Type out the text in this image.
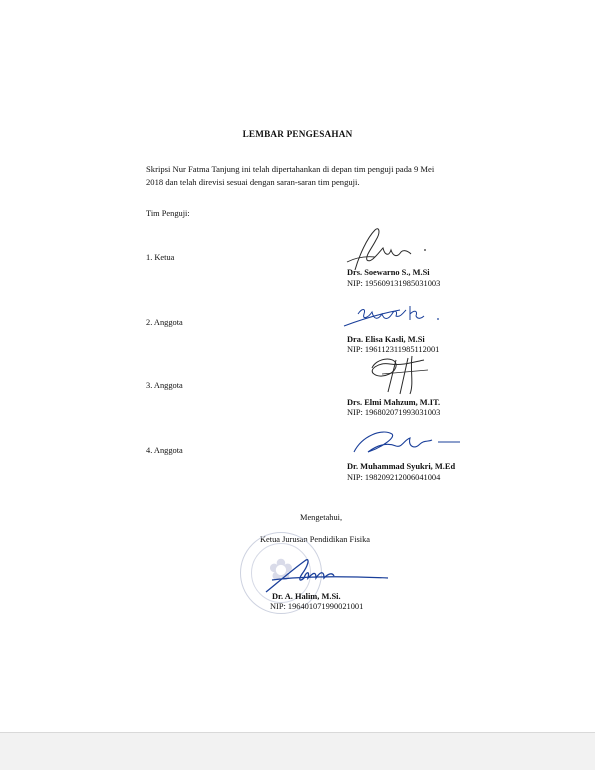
LEMBAR PENGESAHAN
Skripsi Nur Fatma Tanjung ini telah dipertahankan di depan tim penguji pada 9 Mei
2018 dan telah direvisi sesuai dengan saran-saran tim penguji.
Tim Penguji:
1. Ketua
Drs. Soewarno S., M.Si
NIP: 195609131985031003
2. Anggota
Dra. Elisa Kasli, M.Si
NIP: 196112311985112001
3. Anggota
Drs. Elmi Mahzum, M.IT.
NIP: 196802071993031003
4. Anggota
Dr. Muhammad Syukri, M.Ed
NIP: 198209212006041004
Mengetahui,
Ketua Jurusan Pendidikan Fisika
✿
Dr. A. Halim, M.Si.
NIP: 196401071990021001
